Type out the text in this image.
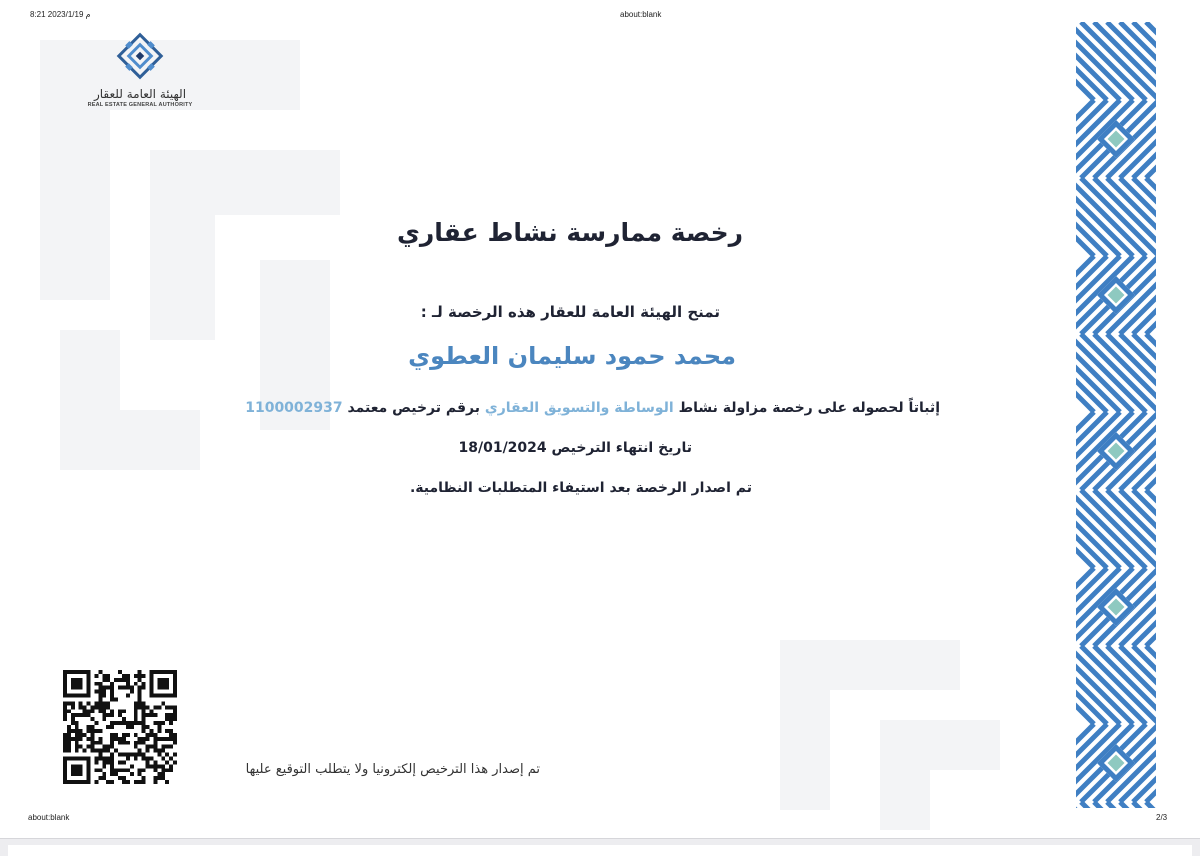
8:21 م 2023/1/19	about:blank
الهيئة العامة للعقار
REAL ESTATE GENERAL AUTHORITY
رخصة ممارسة نشاط عقاري
تمنح الهيئة العامة للعقار هذه الرخصة لـ :
محمد حمود سليمان العطوي
إثباتاً لحصوله على رخصة مزاولة نشاط الوساطة والتسويق العقاري برقم ترخيص معتمد 1100002937
تاريخ انتهاء الترخيص 18/01/2024
تم اصدار الرخصة بعد استيفاء المتطلبات النظامية.
تم إصدار هذا الترخيص إلكترونيا ولا يتطلب التوقيع عليها
about:blank	2/3
